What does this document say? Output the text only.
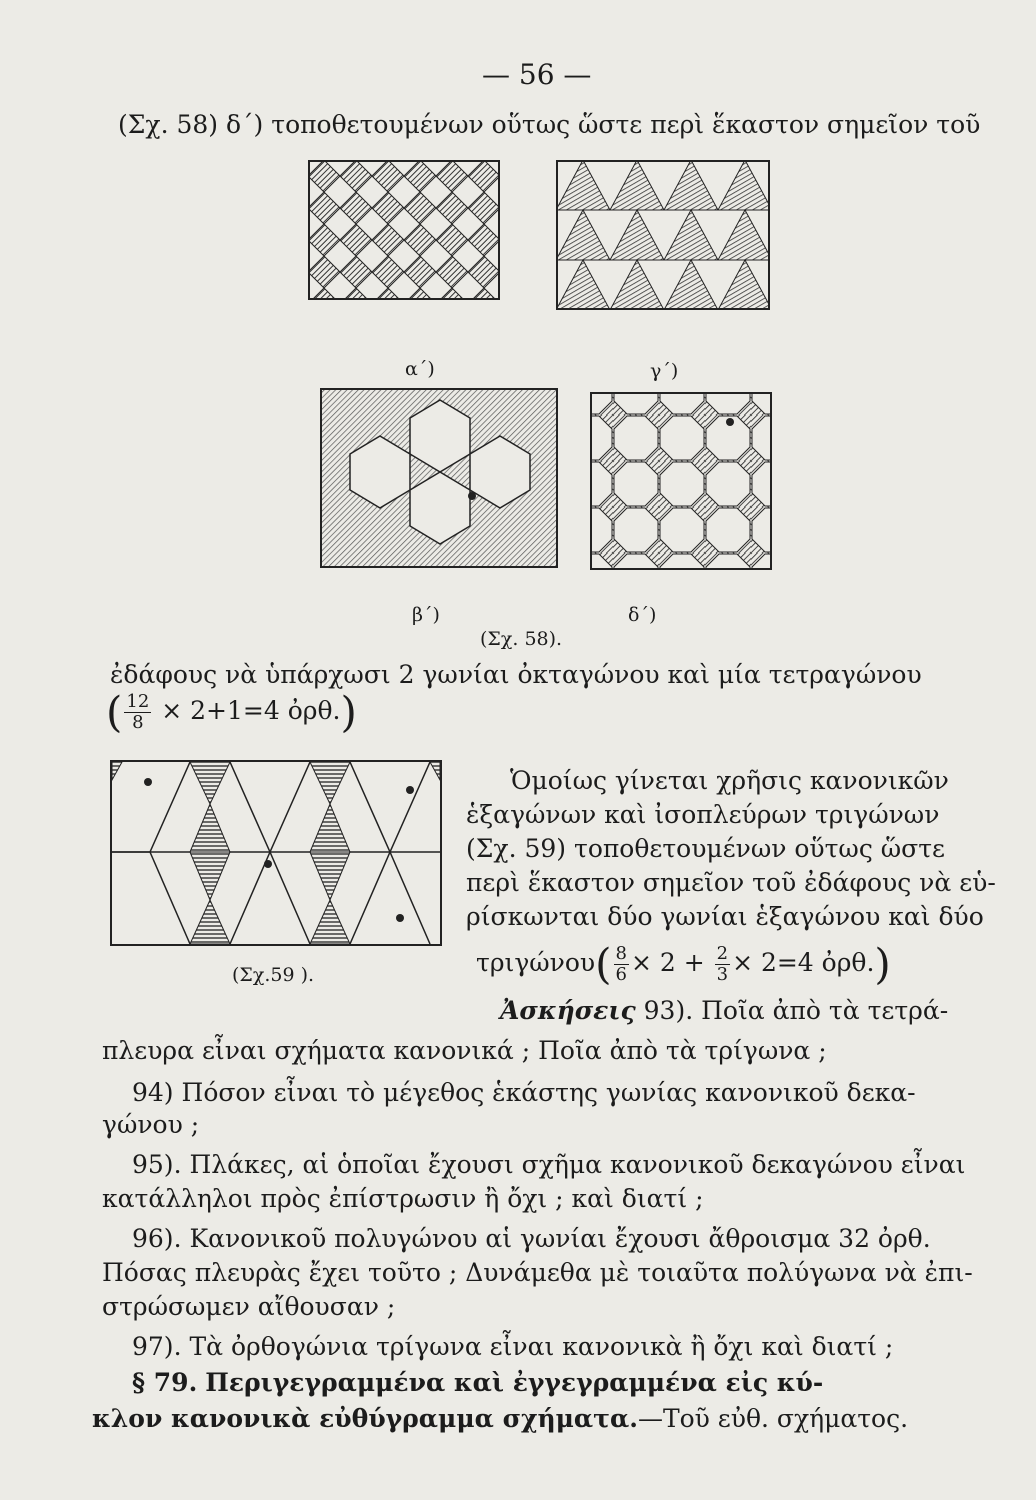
— 56 —
(Σχ. 58) δ΄) τοποθετουμένων οὕτως ὥστε περὶ ἕκαστον σημεῖον τοῦ
α΄)	γ΄)
β΄)	δ΄)
(Σχ. 58).
ἐδάφους νὰ ὑπάρχωσι 2 γωνίαι ὀκταγώνου καὶ μία τετραγώνου
( $\frac{12}{8} \times 2+1=4$ ὀρθ.)
(Σχ.59 ).
Ὁμοίως γίνεται χρῆσις κανονικῶν
ἑξαγώνων καὶ ἰσοπλεύρων τριγώνων
(Σχ. 59) τοποθετουμένων οὕτως ὥστε
περὶ ἕκαστον σημεῖον τοῦ ἐδάφους νὰ εὑ-
ρίσκωνται δύο γωνίαι ἑξαγώνου καὶ δύο
$\tau\rho\iota\gamma ώ\nu o\upsilon( \frac{8}{6} \times 2 + \frac{2}{3} \times 2=4$ ὀρθ.)
Ἀσκήσεις 93). Ποῖα ἀπὸ τὰ τετρά-
πλευρα εἶναι σχήματα κανονικά ; Ποῖα ἀπὸ τὰ τρίγωνα ;
94) Πόσον εἶναι τὸ μέγεθος ἑκάστης γωνίας κανονικοῦ δεκα-
γώνου ;
95). Πλάκες, αἱ ὁποῖαι ἔχουσι σχῆμα κανονικοῦ δεκαγώνου εἶναι
κατάλληλοι πρὸς ἐπίστρωσιν ἢ ὄχι ; καὶ διατί ;
96). Κανονικοῦ πολυγώνου αἱ γωνίαι ἔχουσι ἄθροισμα 32 ὀρθ.
Πόσας πλευρὰς ἔχει τοῦτο ; Δυνάμεθα μὲ τοιαῦτα πολύγωνα νὰ ἐπι-
στρώσωμεν αἴθουσαν ;
97). Τὰ ὀρθογώνια τρίγωνα εἶναι κανονικὰ ἢ ὄχι καὶ διατί ;
§ 79. Περιγεγραμμένα καὶ ἐγγεγραμμένα εἰς κύ-
κλον κανονικὰ εὐθύγραμμα σχήματα.—Τοῦ εὐθ. σχήματος.
